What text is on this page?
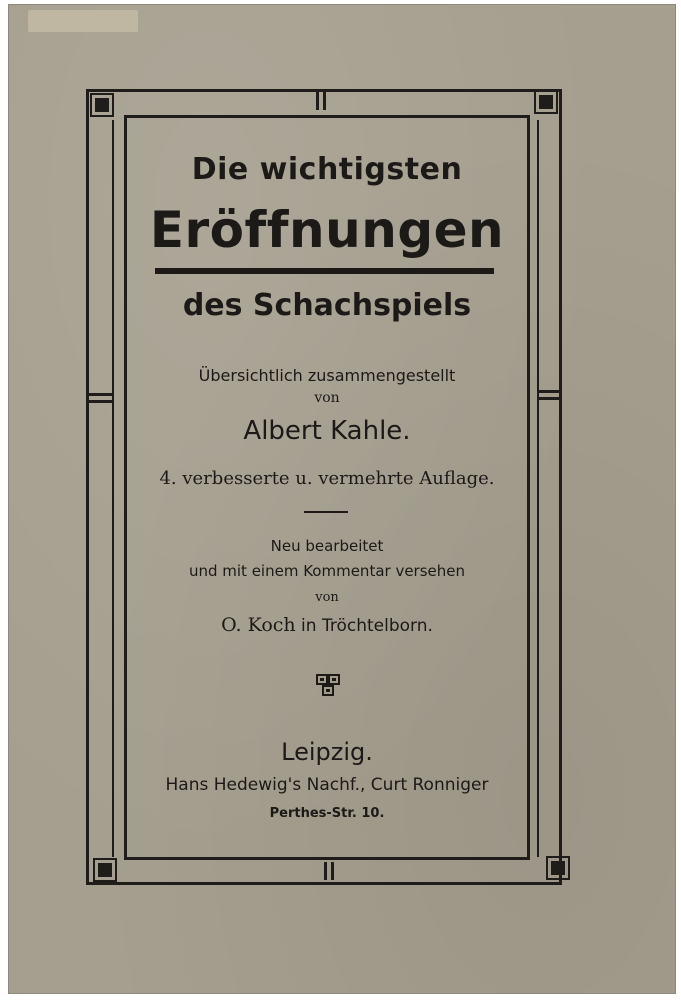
Die wichtigsten
Eröffnungen
des Schachspiels
Übersichtlich zusammengestellt
von
Albert Kahle.
4. verbesserte u. vermehrte Auflage.
Neu bearbeitet
und mit einem Kommentar versehen
von
O. Koch in Tröchtelborn.
Leipzig.
Hans Hedewig's Nachf., Curt Ronniger
Perthes-Str. 10.
